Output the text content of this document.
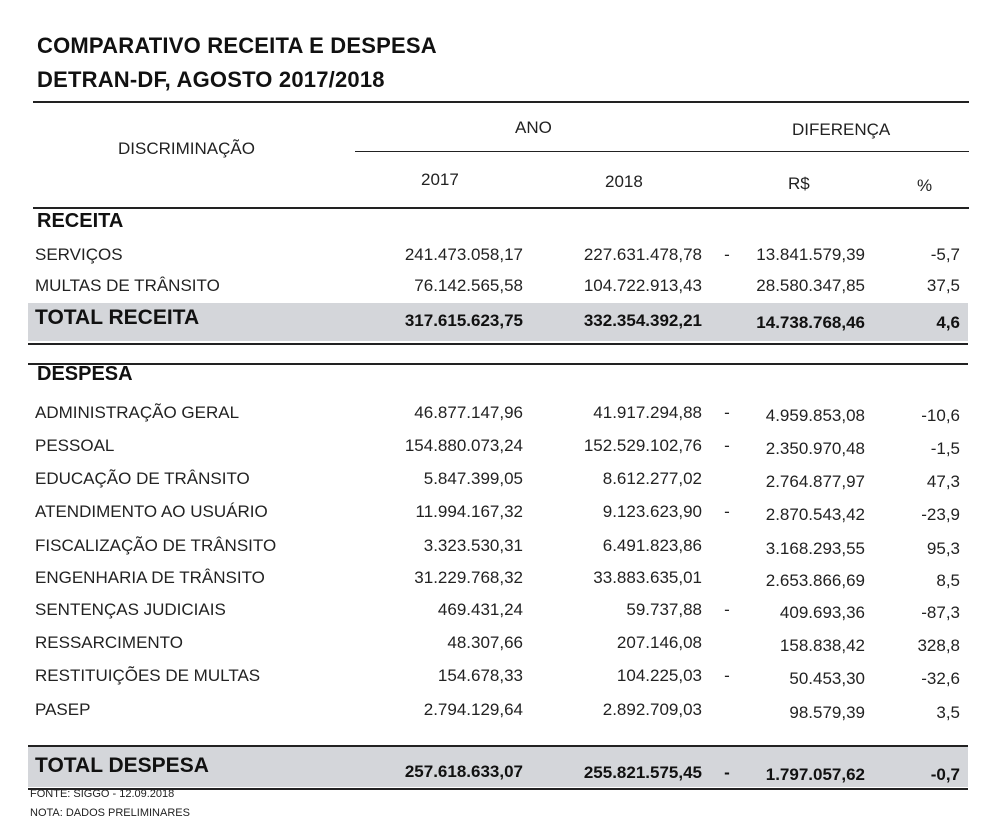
COMPARATIVO RECEITA E DESPESA
DETRAN-DF, AGOSTO 2017/2018
DISCRIMINAÇÃO
ANO	DIFERENÇA
2017	2018	R$	%
RECEITA
SERVIÇOS	241.473.058,17	227.631.478,78 - 13.841.579,39	-5,7
MULTAS DE TRÂNSITO	76.142.565,58	104.722.913,43	28.580.347,85	37,5
TOTAL RECEITA	317.615.623,75	332.354.392,21	14.738.768,46	4,6
DESPESA
ADMINISTRAÇÃO GERAL	46.877.147,96	41.917.294,88 - 4.959.853,08	-10,6
PESSOAL	154.880.073,24	152.529.102,76 - 2.350.970,48	-1,5
EDUCAÇÃO DE TRÂNSITO	5.847.399,05	8.612.277,02	2.764.877,97	47,3
ATENDIMENTO AO USUÁRIO	11.994.167,32	9.123.623,90 - 2.870.543,42	-23,9
FISCALIZAÇÃO DE TRÂNSITO	3.323.530,31	6.491.823,86	3.168.293,55	95,3
ENGENHARIA DE TRÂNSITO	31.229.768,32	33.883.635,01	2.653.866,69	8,5
SENTENÇAS JUDICIAIS	469.431,24	59.737,88 -	409.693,36	-87,3
RESSARCIMENTO	48.307,66	207.146,08	158.838,42	328,8
RESTITUIÇÕES DE MULTAS	154.678,33	104.225,03 -	50.453,30	-32,6
PASEP	2.794.129,64	2.892.709,03	98.579,39	3,5
TOTAL DESPESA	257.618.633,07	255.821.575,45 - 1.797.057,62	-0,7
FONTE: SIGGO - 12.09.2018
NOTA: DADOS PRELIMINARES
